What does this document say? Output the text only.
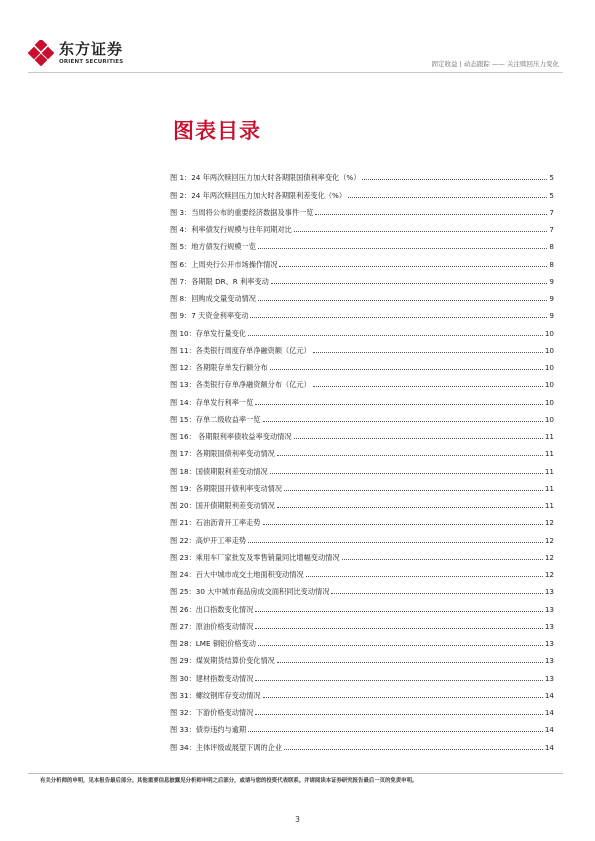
东方证券
ORIENT SECURITIES	固定收益 | 动态跟踪 —— 关注赎回压力变化
图表目录
图 1：24 年两次赎回压力加大时各期限国债利率变化（%）	5
图 2：24 年两次赎回压力加大时各期限利差变化（%）	5
图 3：当周将公布的重要经济数据及事件一览	7
图 4：利率债发行规模与往年同期对比	7
图 5：地方债发行规模一览	8
图 6：上周央行公开市场操作情况	8
图 7：各期限 DR、R 利率变动	9
图 8：回购成交量变动情况	9
图 9：7 天资金利率变动	9
图 10：存单发行量变化	10
图 11：各类银行周度存单净融资额（亿元）	10
图 12：各期限存单发行额分布	10
图 13：各类银行存单净融资额分布（亿元）	10
图 14：存单发行利率一览	10
图 15：存单二级收益率一览	10
图 16： 各期限利率债收益率变动情况	11
图 17：各期限国债利率变动情况	11
图 18：国债期限利差变动情况	11
图 19：各期限国开债利率变动情况	11
图 20：国开债期限利差变动情况	11
图 21：石油沥青开工率走势	12
图 22：高炉开工率走势	12
图 23：乘用车厂家批发及零售销量同比增幅变动情况	12
图 24：百大中城市成交土地面积变动情况	12
图 25：30 大中城市商品房成交面积同比变动情况	13
图 26：出口指数变化情况	13
图 27：原油价格变动情况	13
图 28：LME 铜铝价格变动	13
图 29：煤炭期货结算价变化情况	13
图 30：建材指数变动情况	13
图 31：螺纹钢库存变动情况	14
图 32：下游价格变动情况	14
图 33：债券违约与逾期	14
图 34：主体评级或展望下调的企业	14
有关分析师的申明，见本报告最后部分。其他重要信息披露见分析师申明之后部分，或请与您的投资代表联系。并请阅读本证券研究报告最后一页的免责申明。
3
